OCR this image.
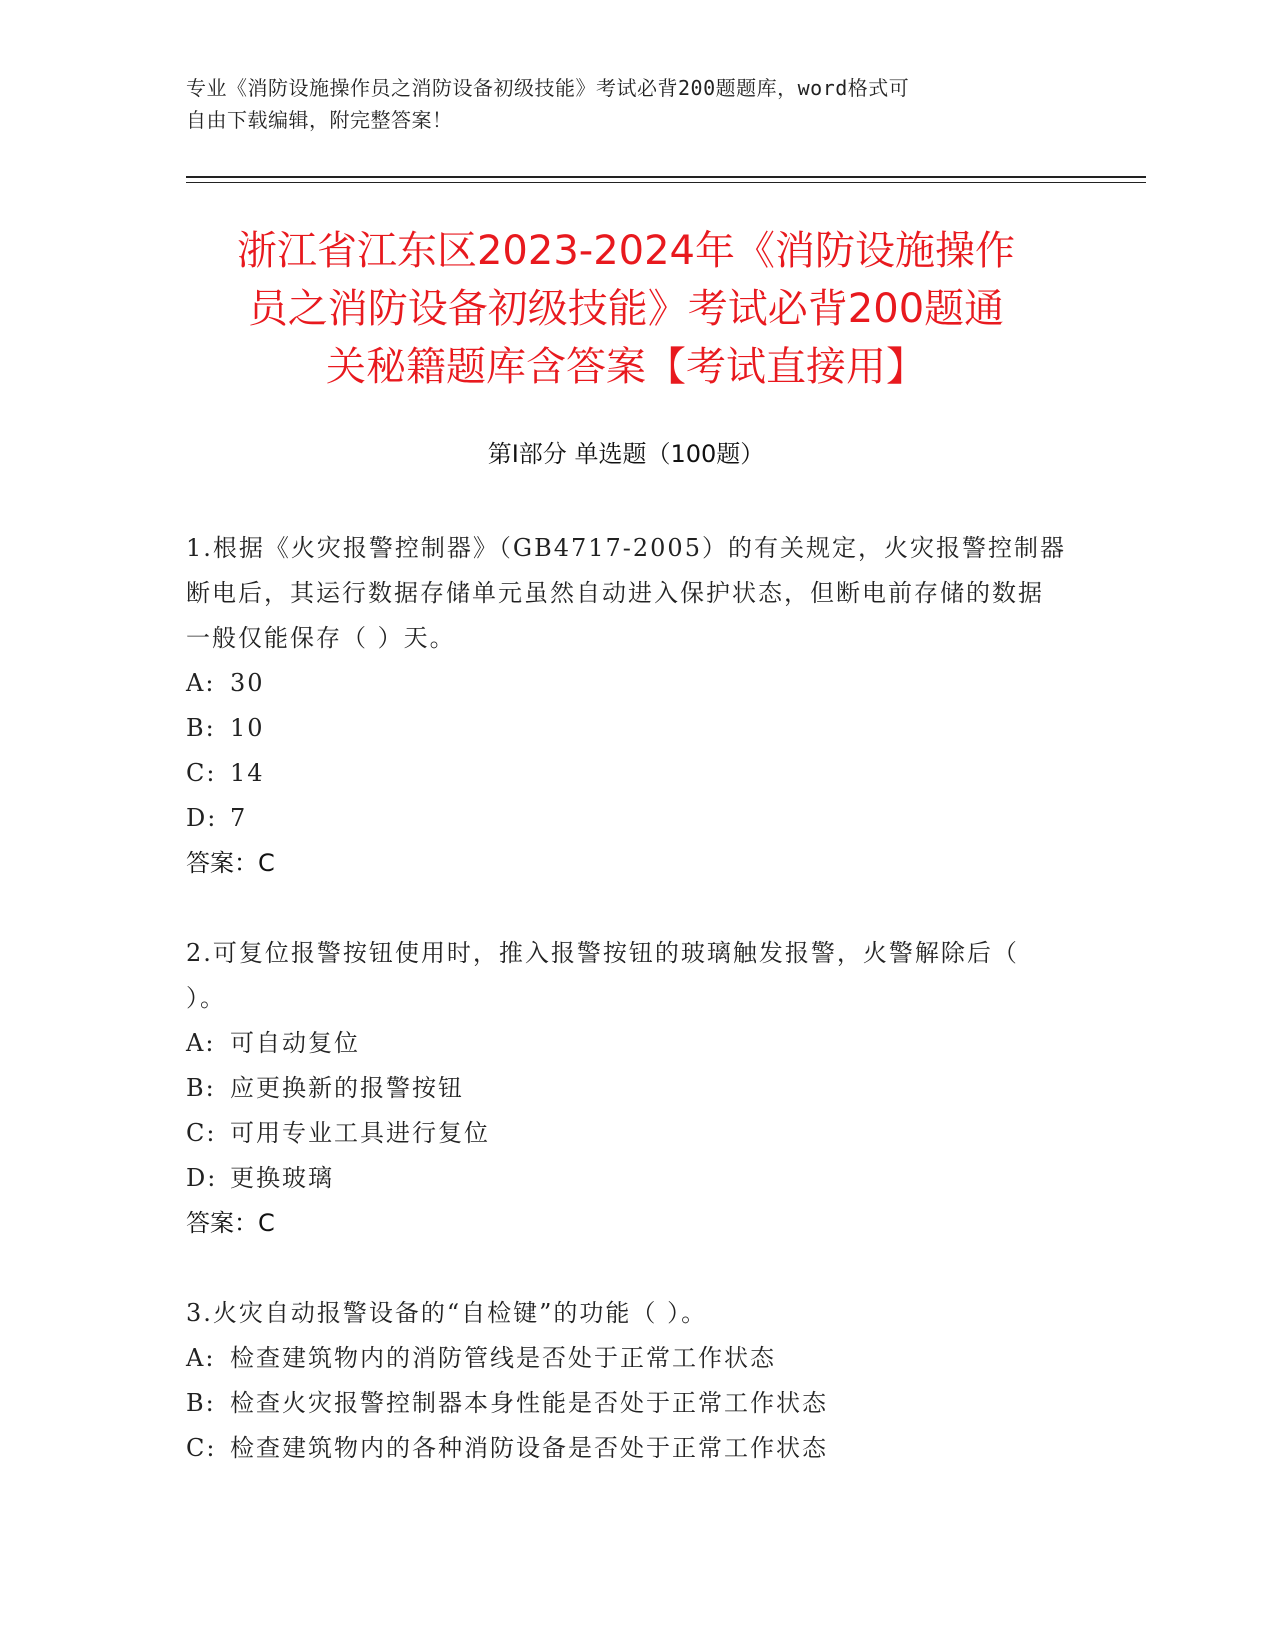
专业《消防设施操作员之消防设备初级技能》考试必背200题题库，word格式可
自由下载编辑，附完整答案！
浙江省江东区2023-2024年《消防设施操作
员之消防设备初级技能》考试必背200题通
关秘籍题库含答案【考试直接用】
第Ⅰ部分 单选题（100题）
1.根据《火灾报警控制器》（GB4717-2005）的有关规定，火灾报警控制器断电后，其运行数据存储单元虽然自动进入保护状态，但断电前存储的数据一般仅能保存（ ）天。
A: 30
B: 10
C: 14
D: 7
答案：C
2.可复位报警按钮使用时，推入报警按钮的玻璃触发报警，火警解除后（ ）。
A: 可自动复位
B: 应更换新的报警按钮
C: 可用专业工具进行复位
D: 更换玻璃
答案：C
3.火灾自动报警设备的“自检键”的功能（ ）。
A: 检查建筑物内的消防管线是否处于正常工作状态
B: 检查火灾报警控制器本身性能是否处于正常工作状态
C: 检查建筑物内的各种消防设备是否处于正常工作状态
